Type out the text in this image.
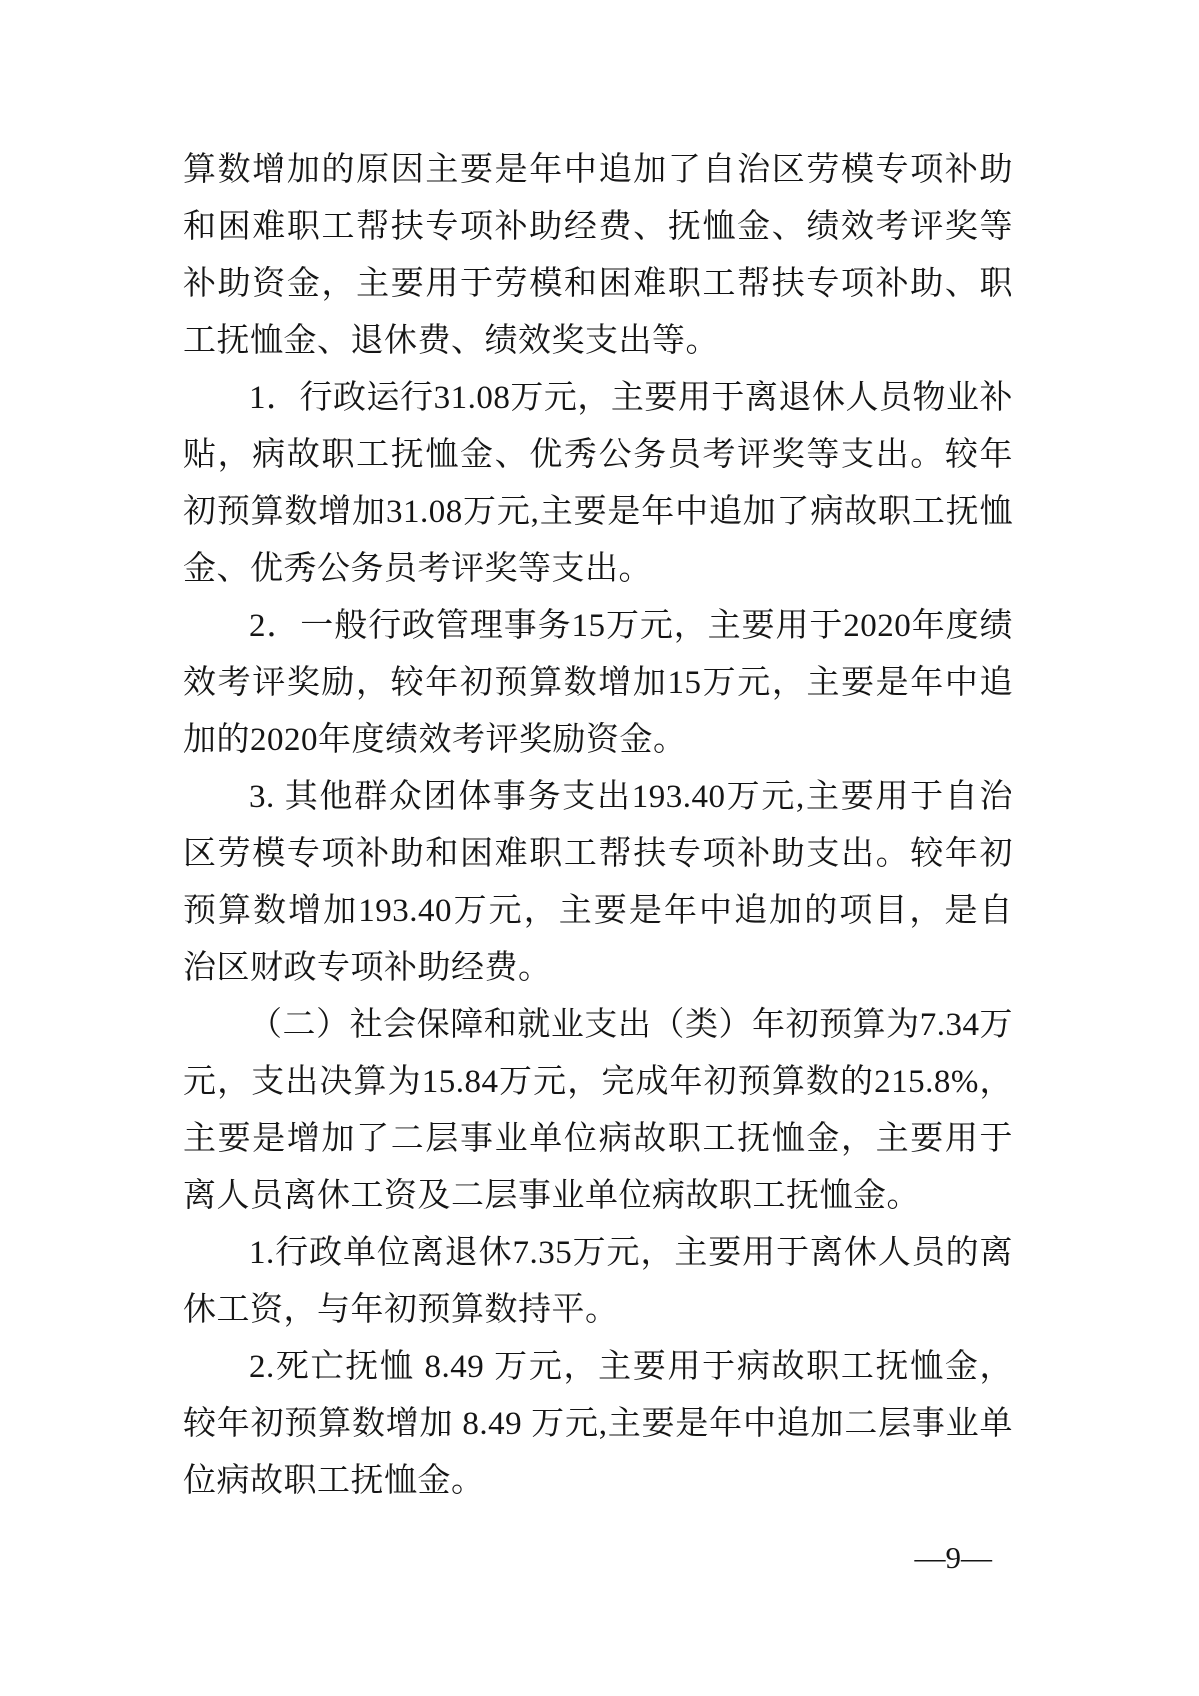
算数增加的原因主要是年中追加了自治区劳模专项补助和困难职工帮扶专项补助经费、抚恤金、绩效考评奖等补助资金，主要用于劳模和困难职工帮扶专项补助、职工抚恤金、退休费、绩效奖支出等。

1．行政运行31.08万元，主要用于离退休人员物业补贴，病故职工抚恤金、优秀公务员考评奖等支出。较年初预算数增加31.08万元,主要是年中追加了病故职工抚恤金、优秀公务员考评奖等支出。

2．一般行政管理事务15万元，主要用于2020年度绩效考评奖励，较年初预算数增加15万元，主要是年中追加的2020年度绩效考评奖励资金。

3. 其他群众团体事务支出193.40万元,主要用于自治区劳模专项补助和困难职工帮扶专项补助支出。较年初预算数增加193.40万元，主要是年中追加的项目，是自治区财政专项补助经费。

（二）社会保障和就业支出（类）年初预算为7.34万元，支出决算为15.84万元，完成年初预算数的215.8%，主要是增加了二层事业单位病故职工抚恤金，主要用于离人员离休工资及二层事业单位病故职工抚恤金。

1.行政单位离退休7.35万元，主要用于离休人员的离休工资，与年初预算数持平。

2.死亡抚恤 8.49 万元，主要用于病故职工抚恤金，较年初预算数增加 8.49 万元,主要是年中追加二层事业单位病故职工抚恤金。

—9—
